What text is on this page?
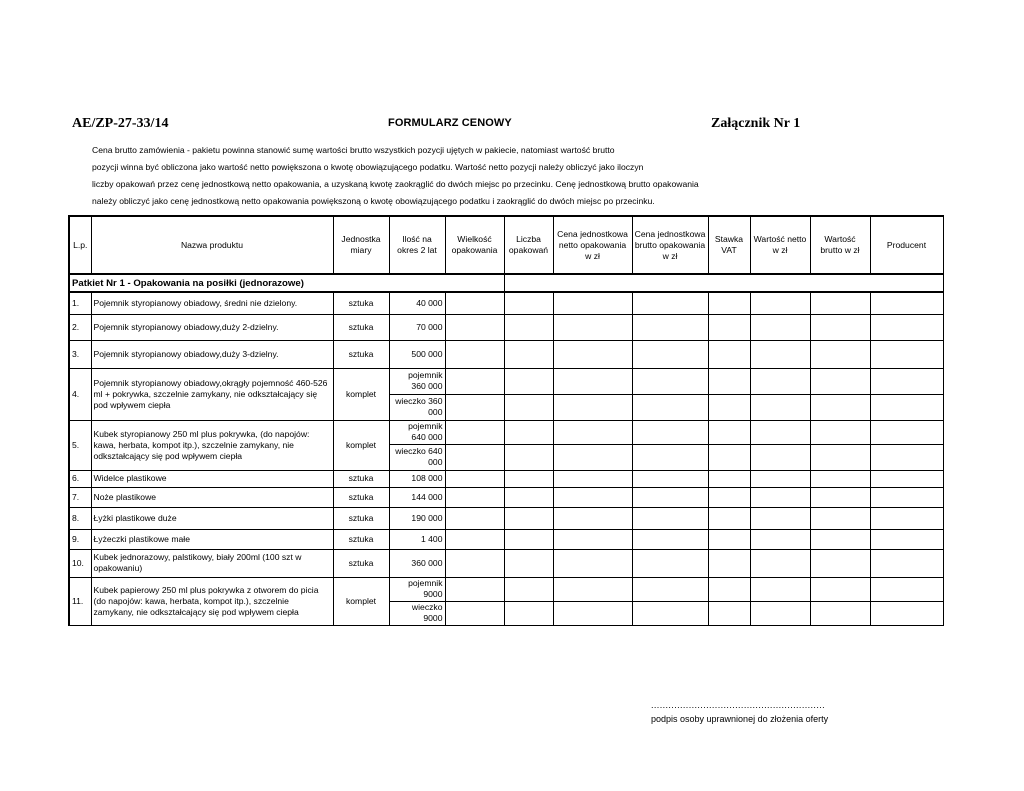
AE/ZP-27-33/14	FORMULARZ CENOWY	Załącznik Nr 1
Cena brutto zamówienia - pakietu powinna stanowić sumę wartości brutto wszystkich pozycji ujętych w pakiecie, natomiast wartość brutto
pozycji winna być obliczona jako wartość netto powiększona o kwotę obowiązującego podatku. Wartość netto pozycji należy obliczyć jako iloczyn
liczby opakowań przez cenę jednostkową netto opakowania, a uzyskaną kwotę zaokrąglić do dwóch miejsc po przecinku. Cenę jednostkową brutto opakowania
należy obliczyć jako cenę jednostkową netto opakowania powiększoną o kwotę obowiązującego podatku i zaokrąglić do dwóch miejsc po przecinku.
L.p.	Nazwa produktu	Jednostka miary	Ilość na okres 2 lat	Wielkość opakowania	Liczba opakowań	Cena jednostkowa netto opakowania w zł	Cena jednostkowa brutto opakowania w zł	Stawka VAT	Wartość netto w zł	Wartość brutto w zł	Producent
Patkiet Nr 1 - Opakowania na posiłki (jednorazowe)											
1.	Pojemnik styropianowy obiadowy, średni nie dzielony.	sztuka	40 000								
2.	Pojemnik styropianowy obiadowy,duży 2-dzielny.	sztuka	70 000								
3.	Pojemnik styropianowy obiadowy,duży 3-dzielny.	sztuka	500 000								
4.	Pojemnik styropianowy obiadowy,okrągły pojemność 460-526 ml + pokrywka, szczelnie zamykany, nie odkształcający się pod wpływem ciepła	komplet	pojemnik 360 000								
			wieczko 360 000								
5.	Kubek styropianowy 250 ml plus pokrywka, (do napojów: kawa, herbata, kompot itp.), szczelnie zamykany, nie odkształcający się pod wpływem ciepła	komplet	pojemnik 640 000								
			wieczko 640 000								
6.	Widelce plastikowe	sztuka	108 000								
7.	Noże plastikowe	sztuka	144 000								
8.	Łyżki plastikowe duże	sztuka	190 000								
9.	Łyżeczki plastikowe małe	sztuka	1 400								
10.	Kubek jednorazowy, palstikowy, biały 200ml (100 szt w opakowaniu)	sztuka	360 000								
11.	Kubek papierowy 250 ml plus pokrywka z otworem do picia (do napojów: kawa, herbata, kompot itp.), szczelnie zamykany, nie odkształcający się pod wpływem ciepła	komplet	pojemnik 9000								
			wieczko 9000								
............................................................
podpis osoby uprawnionej do złożenia oferty
